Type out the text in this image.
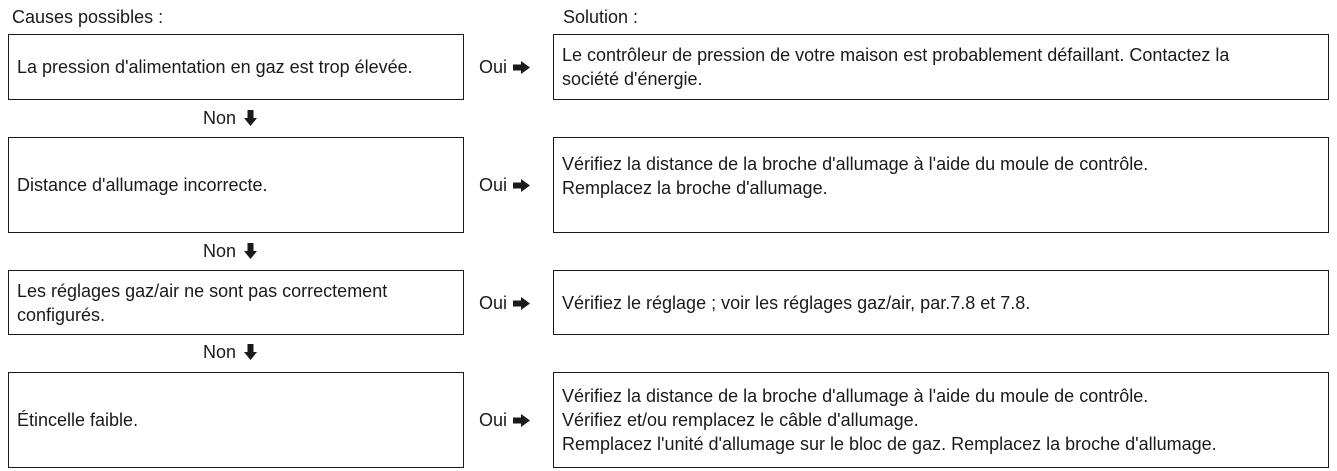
Causes possibles :	Solution :
La pression d'alimentation en gaz est trop élevée.	Oui
Le contrôleur de pression de votre maison est probablement défaillant. Contactez la
société d'énergie.
Non
Distance d'allumage incorrecte.	Oui
Vérifiez la distance de la broche d'allumage à l'aide du moule de contrôle.
Remplacez la broche d'allumage.
Non
Les réglages gaz/air ne sont pas correctement configurés.
Oui	Vérifiez le réglage ; voir les réglages gaz/air, par.7.8 et 7.8.
Non
Étincelle faible.	Oui
Vérifiez la distance de la broche d'allumage à l'aide du moule de contrôle.
Vérifiez et/ou remplacez le câble d'allumage.
Remplacez l'unité d'allumage sur le bloc de gaz. Remplacez la broche d'allumage.
